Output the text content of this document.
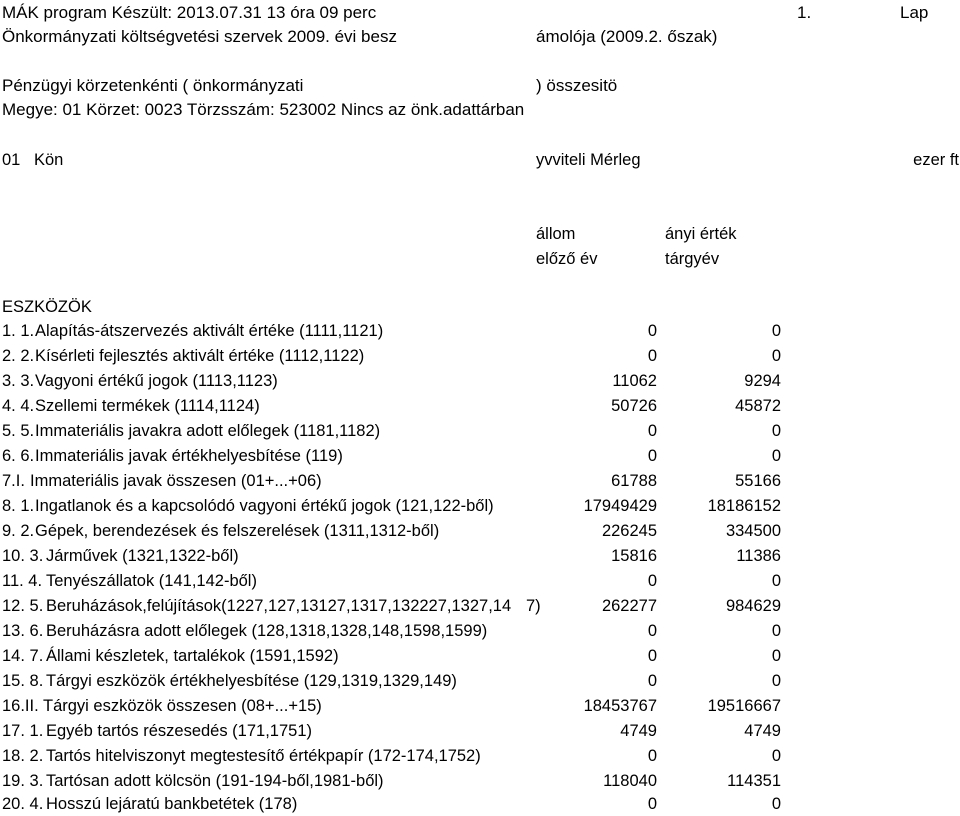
MÁK program Készült: 2013.07.31 13 óra 09 perc	1.	Lap
Önkormányzati költségvetési szervek 2009. évi besz	ámolója (2009.2. őszak)
Pénzügyi körzetenkénti ( önkormányzati	) összesitö
Megye: 01 Körzet: 0023 Törzsszám: 523002 Nincs az önk.adattárban
01 Kön	yvviteli Mérleg	ezer ft
állom	ányi érték
előző év	tárgyév
ESZKÖZÖK
1. 1. Alapítás-átszervezés aktivált értéke (1111,1121)	0	0
2. 2. Kísérleti fejlesztés aktivált értéke (1112,1122)	0	0
3. 3. Vagyoni értékű jogok (1113,1123)	11062	9294
4. 4. Szellemi termékek (1114,1124)	50726	45872
5. 5. Immateriális javakra adott előlegek (1181,1182)	0	0
6. 6. Immateriális javak értékhelyesbítése (119)	0	0
7.I. Immateriális javak összesen (01+...+06)	61788	55166
8. 1. Ingatlanok és a kapcsolódó vagyoni értékű jogok (121,122-ből)	17949429	18186152
9. 2. Gépek, berendezések és felszerelések (1311,1312-ből)	226245	334500
10. 3. Járművek (1321,1322-ből)	15816	11386
11. 4. Tenyészállatok (141,142-ből)	0	0
12. 5. Beruházások,felújítások(1227,127,13127,1317,132227,1327,14 7)	262277	984629
13. 6. Beruházásra adott előlegek (128,1318,1328,148,1598,1599)	0	0
14. 7. Állami készletek, tartalékok (1591,1592)	0	0
15. 8. Tárgyi eszközök értékhelyesbítése (129,1319,1329,149)	0	0
16.II. Tárgyi eszközök összesen (08+...+15)	18453767	19516667
17. 1. Egyéb tartós részesedés (171,1751)	4749	4749
18. 2. Tartós hitelviszonyt megtestesítő értékpapír (172-174,1752)	0	0
19. 3. Tartósan adott kölcsön (191-194-ből,1981-ből)	118040	114351
20. 4. Hosszú lejáratú bankbetétek (178)	0	0
